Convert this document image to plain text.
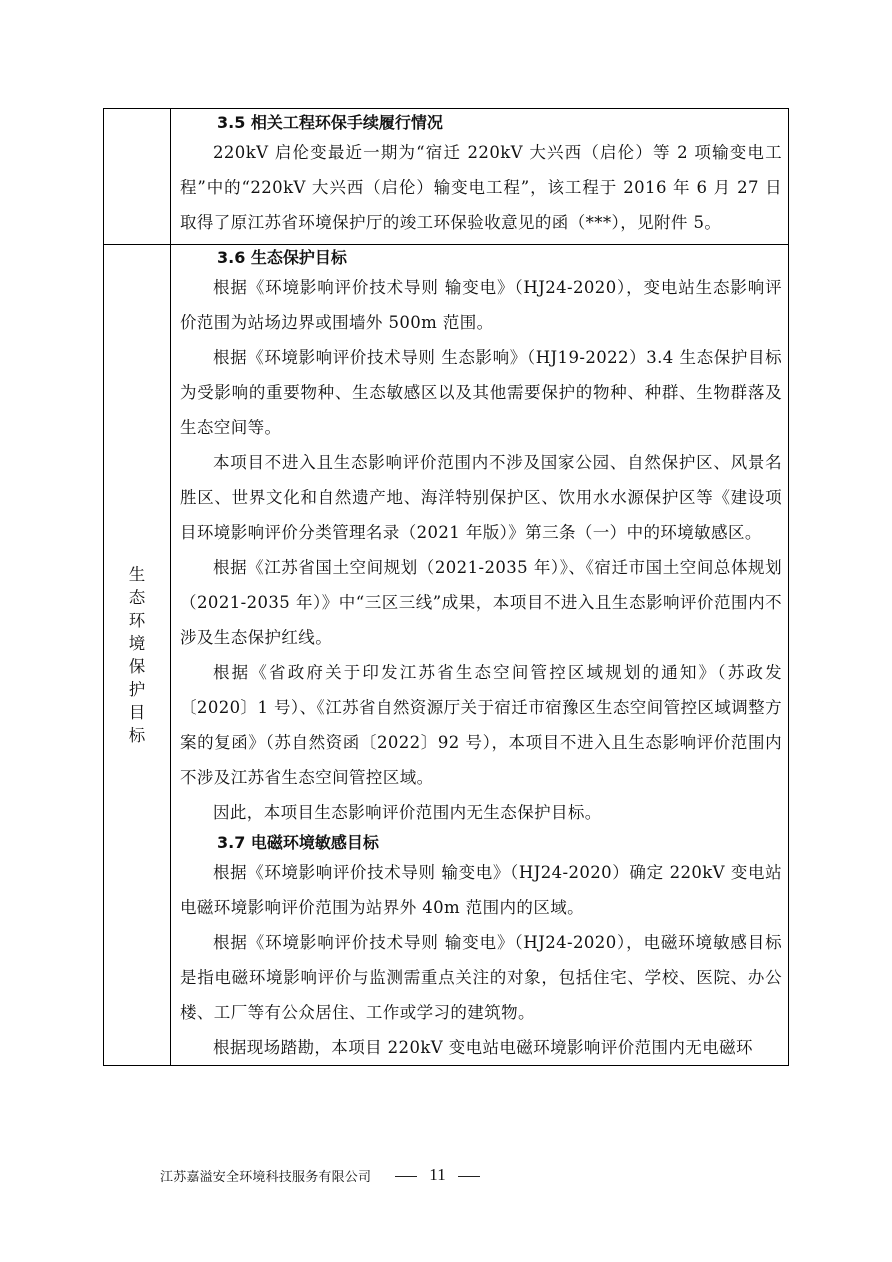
3.5 相关工程环保手续履行情况

220kV 启伦变最近一期为“宿迁 220kV 大兴西（启伦）等 2 项输变电工程”中的“220kV 大兴西（启伦）输变电工程”，该工程于 2016 年 6 月 27 日取得了原江苏省环境保护厅的竣工环保验收意见的函（***），见附件 5。

生态环境保护目标
3.6 生态保护目标

根据《环境影响评价技术导则 输变电》（HJ24-2020），变电站生态影响评价范围为站场边界或围墙外 500m 范围。

根据《环境影响评价技术导则 生态影响》（HJ19-2022）3.4 生态保护目标为受影响的重要物种、生态敏感区以及其他需要保护的物种、种群、生物群落及生态空间等。

本项目不进入且生态影响评价范围内不涉及国家公园、自然保护区、风景名胜区、世界文化和自然遗产地、海洋特别保护区、饮用水水源保护区等《建设项目环境影响评价分类管理名录（2021 年版）》第三条（一）中的环境敏感区。

根据《江苏省国土空间规划（2021-2035 年）》、《宿迁市国土空间总体规划（2021-2035 年）》中“三区三线”成果，本项目不进入且生态影响评价范围内不涉及生态保护红线。

根据《省政府关于印发江苏省生态空间管控区域规划的通知》（苏政发〔2020〕1 号）、《江苏省自然资源厅关于宿迁市宿豫区生态空间管控区域调整方案的复函》（苏自然资函〔2022〕92 号），本项目不进入且生态影响评价范围内不涉及江苏省生态空间管控区域。

因此，本项目生态影响评价范围内无生态保护目标。

3.7 电磁环境敏感目标

根据《环境影响评价技术导则 输变电》（HJ24-2020）确定 220kV 变电站电磁环境影响评价范围为站界外 40m 范围内的区域。

根据《环境影响评价技术导则 输变电》（HJ24-2020），电磁环境敏感目标是指电磁环境影响评价与监测需重点关注的对象，包括住宅、学校、医院、办公楼、工厂等有公众居住、工作或学习的建筑物。

根据现场踏勘，本项目 220kV 变电站电磁环境影响评价范围内无电磁环

江苏嘉溢安全环境科技服务有限公司	11
